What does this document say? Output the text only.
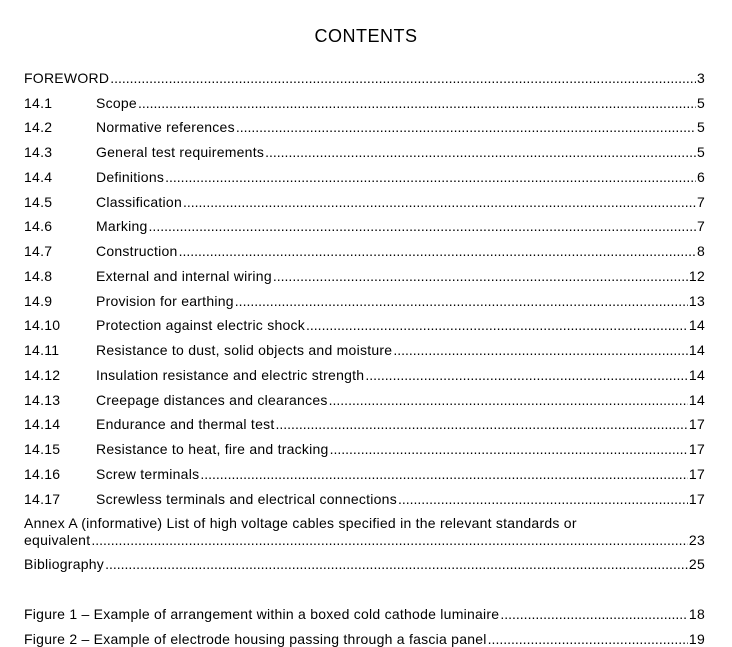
CONTENTS
FOREWORD .....	3
14.1	Scope .....	5
14.2	Normative references .....	5
14.3	General test requirements .....	5
14.4	Definitions .....	6
14.5	Classification .....	7
14.6	Marking .....	7
14.7	Construction .....	8
14.8	External and internal wiring .....	12
14.9	Provision for earthing .....	13
14.10	Protection against electric shock .....	14
14.11	Resistance to dust, solid objects and moisture .....	14
14.12	Insulation resistance and electric strength .....	14
14.13	Creepage distances and clearances .....	14
14.14	Endurance and thermal test .....	17
14.15	Resistance to heat, fire and tracking .....	17
14.16	Screw terminals .....	17
14.17	Screwless terminals and electrical connections .....	17
Annex A (informative) List of high voltage cables specified in the relevant standards or
equivalent .....	23
Bibliography .....	25
Figure 1 – Example of arrangement within a boxed cold cathode luminaire .....	18
Figure 2 – Example of electrode housing passing through a fascia panel .....	19
